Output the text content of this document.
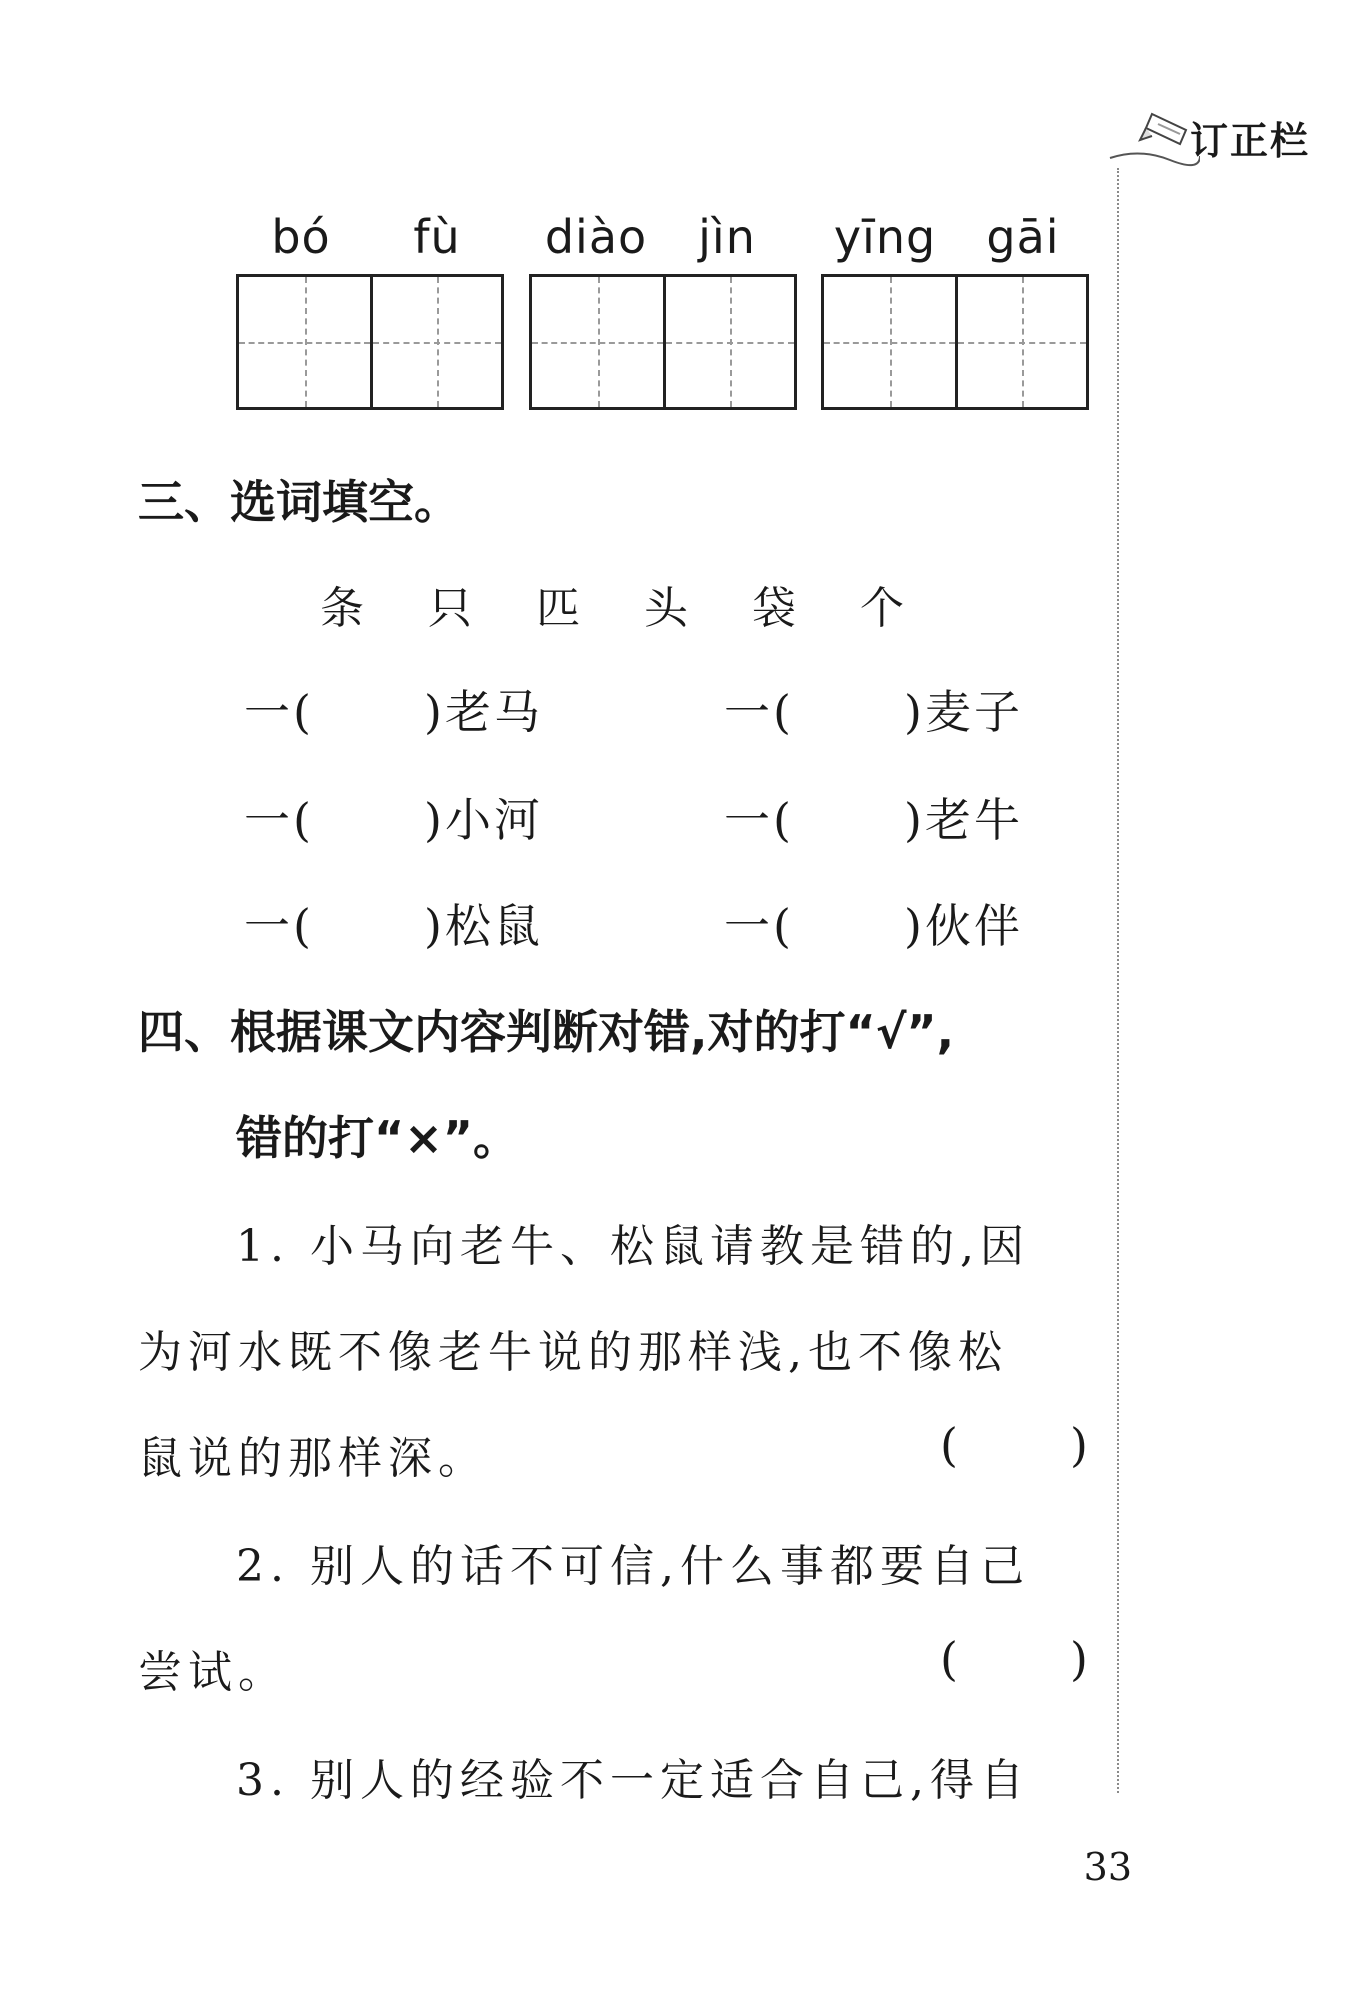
订正栏
bó	fù	diào	jìn	yīng	gāi
三、选词填空。
条 只 匹 头 袋 个
一( )老马	一( )麦子
一( )小河	一( )老牛
一( )松鼠	一( )伙伴
四、根据课文内容判断对错,对的打“√”,
错的打“×”。
1. 小马向老牛、松鼠请教是错的,因
为河水既不像老牛说的那样浅,也不像松
鼠说的那样深。	( )
2. 别人的话不可信,什么事都要自己
尝试。	( )
3. 别人的经验不一定适合自己,得自
33
